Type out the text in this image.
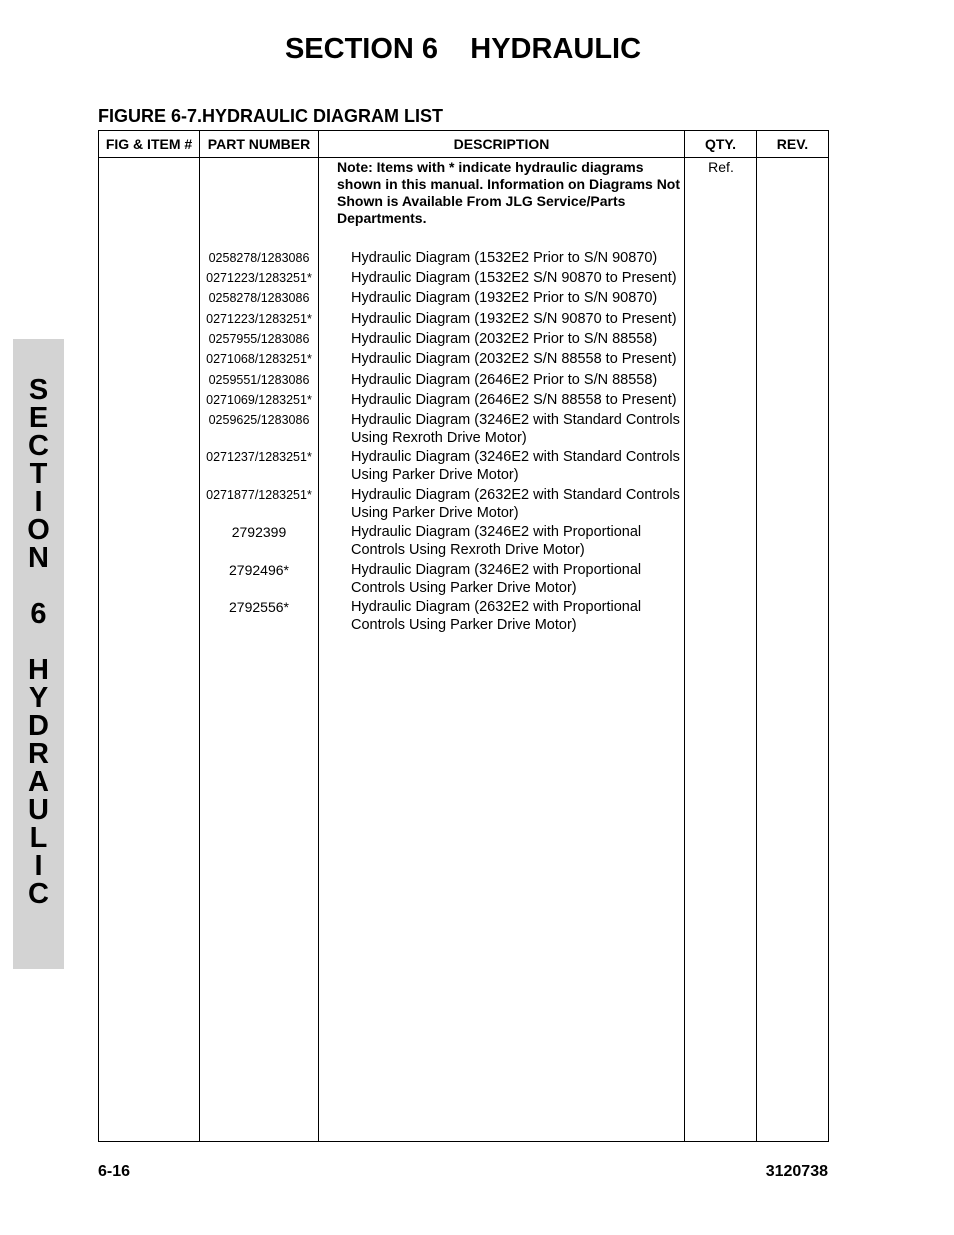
SECTION 6    HYDRAULIC
FIGURE 6-7.HYDRAULIC DIAGRAM LIST
FIG & ITEM #	PART NUMBER	DESCRIPTION	QTY.	REV.
Note: Items with * indicate hydraulic diagrams shown in this manual. Information on Diagrams Not Shown is Available From JLG Service/Parts Departments.
Ref.
0258278/1283086	Hydraulic Diagram (1532E2 Prior to S/N 90870)
0271223/1283251*	Hydraulic Diagram (1532E2 S/N 90870 to Present)
0258278/1283086	Hydraulic Diagram (1932E2 Prior to S/N 90870)
0271223/1283251*	Hydraulic Diagram (1932E2 S/N 90870 to Present)
0257955/1283086	Hydraulic Diagram (2032E2 Prior to S/N 88558)
0271068/1283251*	Hydraulic Diagram (2032E2 S/N 88558 to Present)
0259551/1283086	Hydraulic Diagram (2646E2 Prior to S/N 88558)
0271069/1283251*	Hydraulic Diagram (2646E2 S/N 88558 to Present)
0259625/1283086	Hydraulic Diagram (3246E2 with Standard Controls Using Rexroth Drive Motor)
0271237/1283251*	Hydraulic Diagram (3246E2 with Standard Controls Using Parker Drive Motor)
0271877/1283251*	Hydraulic Diagram (2632E2 with Standard Controls Using Parker Drive Motor)
2792399	Hydraulic Diagram (3246E2 with Proportional Controls Using Rexroth Drive Motor)
2792496*	Hydraulic Diagram (3246E2 with Proportional Controls Using Parker Drive Motor)
2792556*	Hydraulic Diagram (2632E2 with Proportional Controls Using Parker Drive Motor)
S
E
C
T
I
O
N
6
H
Y
D
R
A
U
L
I
C
6-16	3120738
